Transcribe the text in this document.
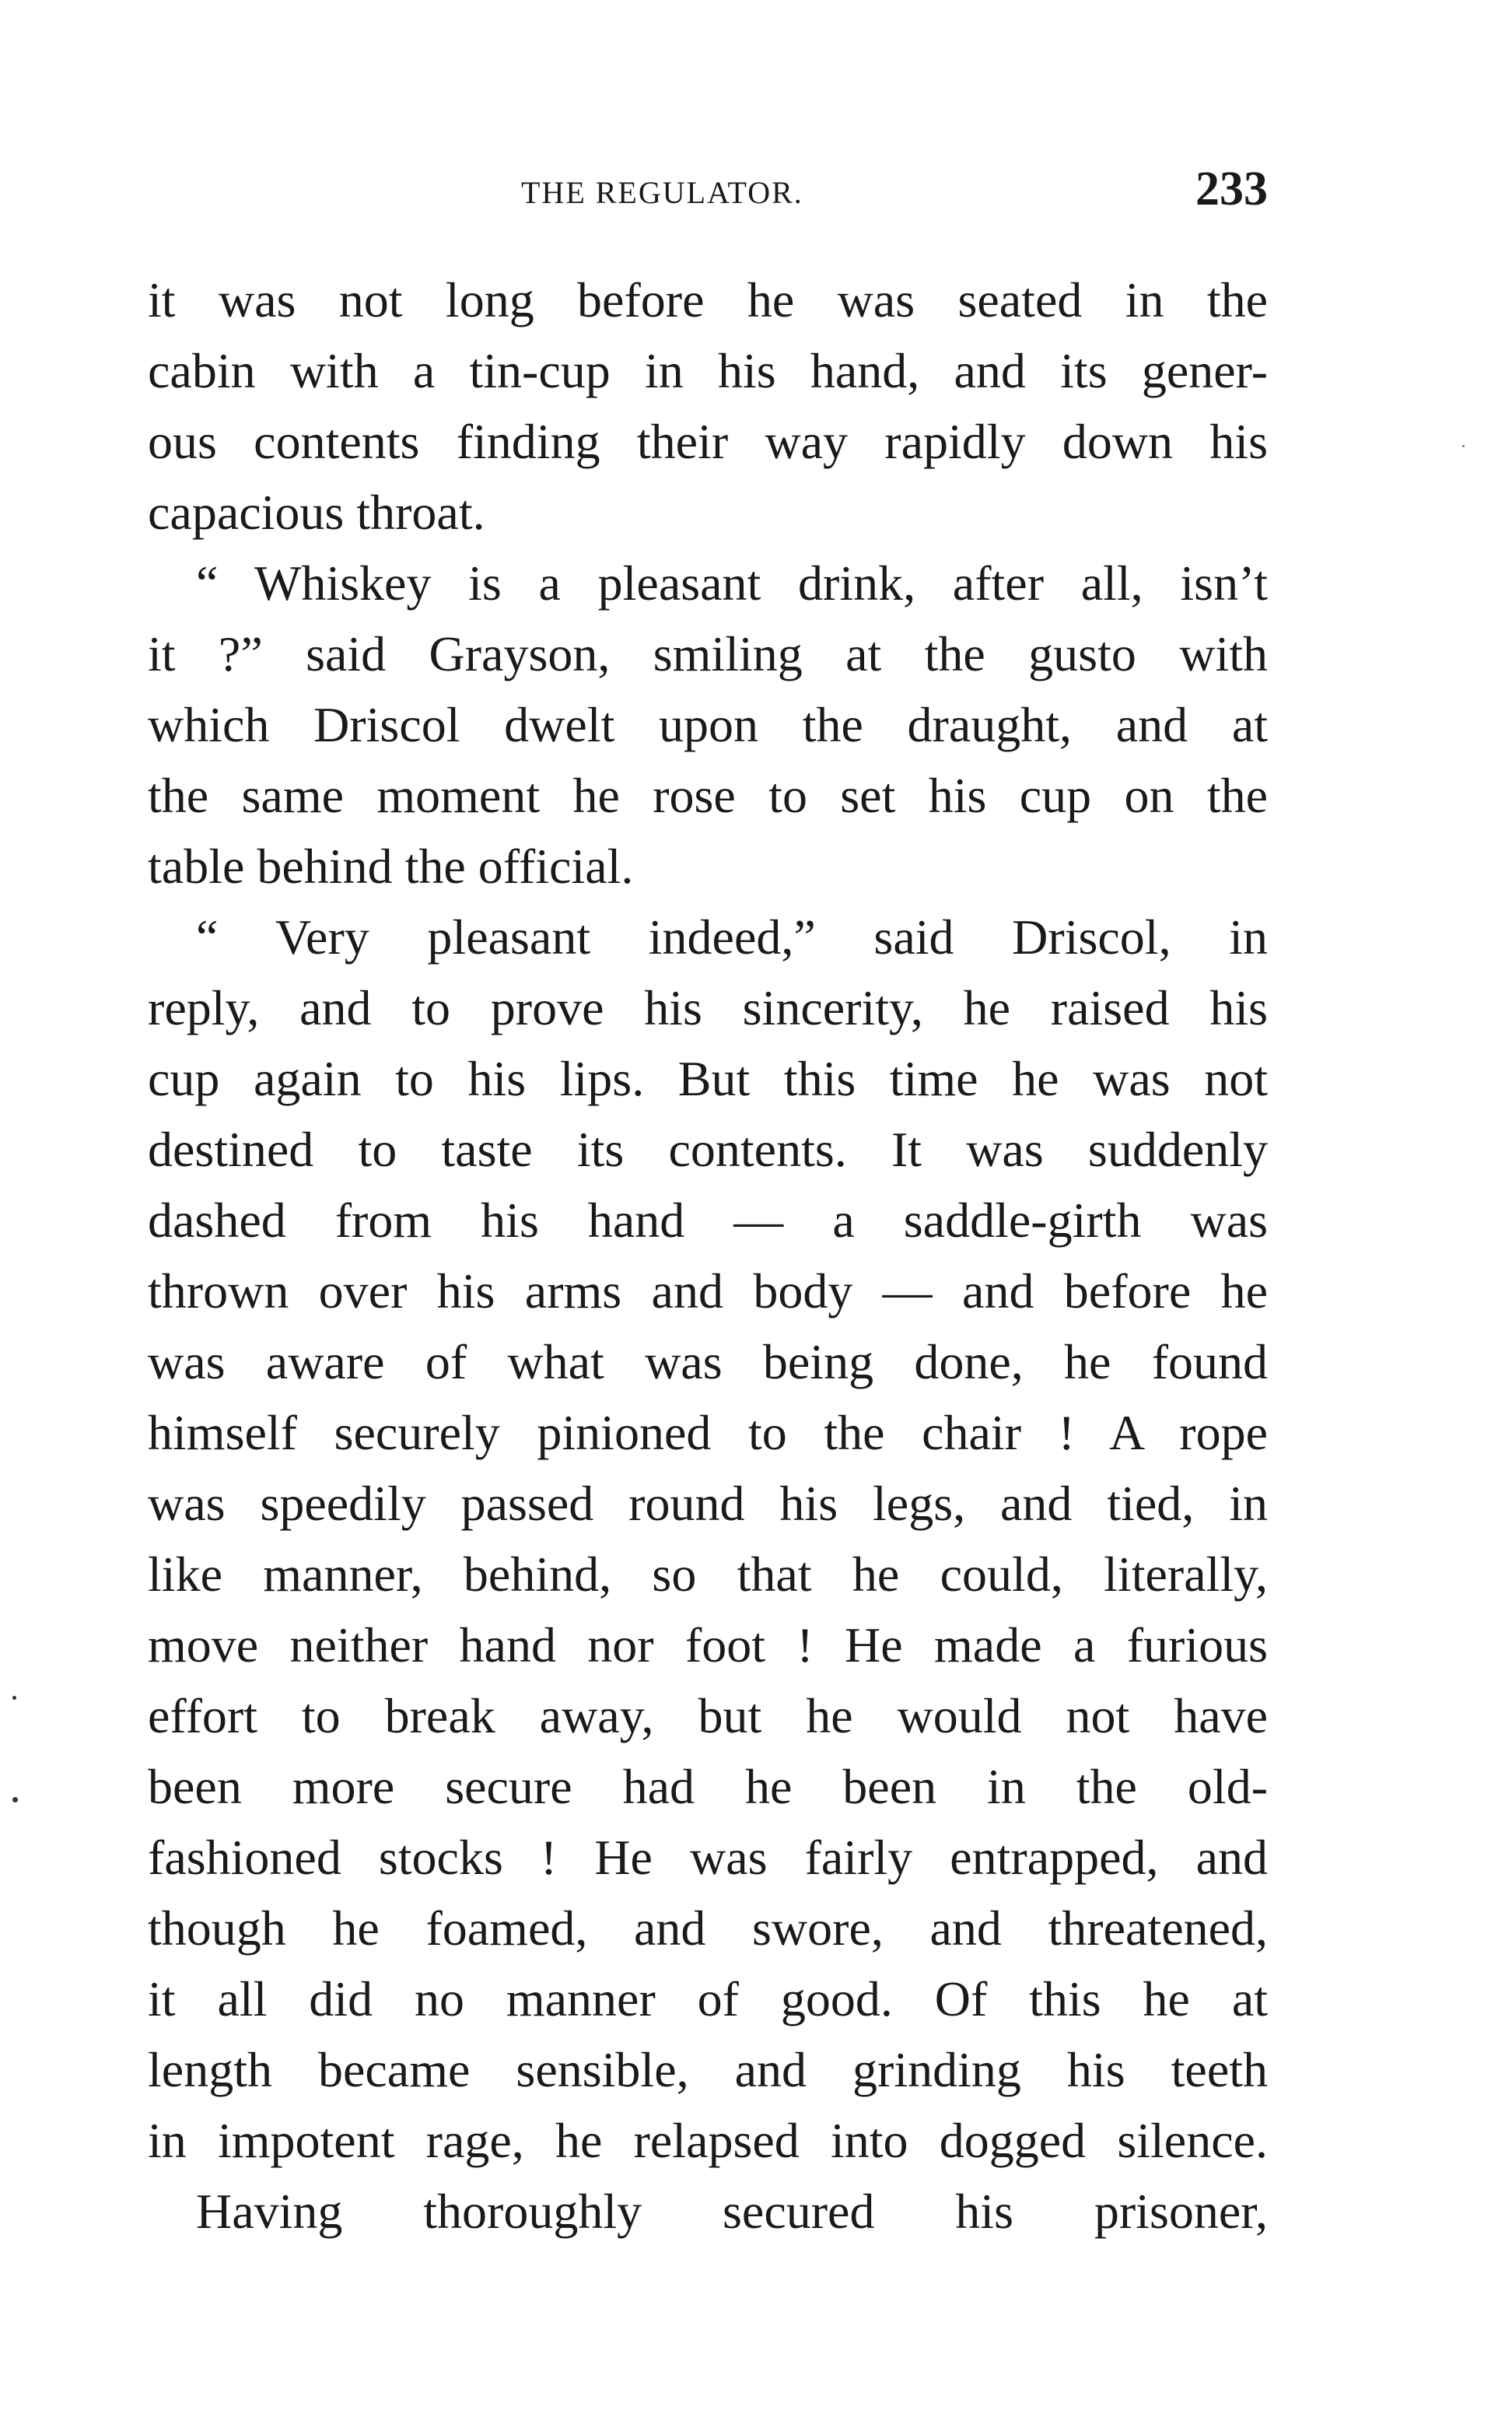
THE REGULATOR.	233
it was not long before he was seated in the
cabin with a tin-cup in his hand, and its gener-
ous contents finding their way rapidly down his
capacious throat.
“ Whiskey is a pleasant drink, after all, isn’t
it ?” said Grayson, smiling at the gusto with
which Driscol dwelt upon the draught, and at
the same moment he rose to set his cup on the
table behind the official.
“ Very pleasant indeed,” said Driscol, in
reply, and to prove his sincerity, he raised his
cup again to his lips. But this time he was not
destined to taste its contents. It was suddenly
dashed from his hand — a saddle-girth was
thrown over his arms and body — and before he
was aware of what was being done, he found
himself securely pinioned to the chair ! A rope
was speedily passed round his legs, and tied, in
like manner, behind, so that he could, literally,
move neither hand nor foot ! He made a furious
effort to break away, but he would not have
been more secure had he been in the old-
fashioned stocks ! He was fairly entrapped, and
though he foamed, and swore, and threatened,
it all did no manner of good. Of this he at
length became sensible, and grinding his teeth
in impotent rage, he relapsed into dogged silence.
Having thoroughly secured his prisoner,
